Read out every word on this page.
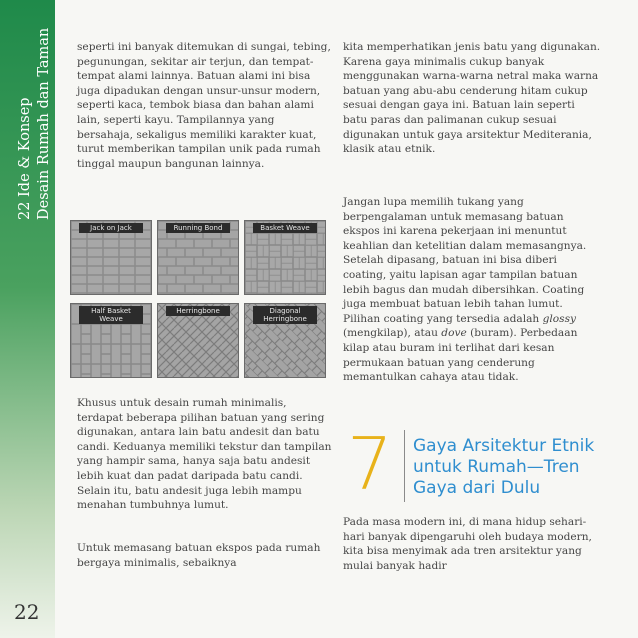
22 Ide & Konsep Desain Rumah dan Taman
22

seperti ini banyak ditemukan di sungai, tebing, pegunungan, sekitar air terjun, dan tempat-tempat alami lainnya. Batuan alami ini bisa juga dipadukan dengan unsur-unsur modern, seperti kaca, tembok biasa dan bahan alami lain, seperti kayu. Tampilannya yang bersahaja, sekaligus memiliki karakter kuat, turut memberikan tampilan unik pada rumah tinggal maupun bangunan lainnya.

Jack on Jack	Running Bond	Basket Weave
Half Basket Weave
Herringbone	Diagonal Herringbone

Khusus untuk desain rumah minimalis, terdapat beberapa pilihan batuan yang sering digunakan, antara lain batu andesit dan batu candi. Keduanya memiliki tekstur dan tampilan yang hampir sama, hanya saja batu andesit lebih kuat dan padat daripada batu candi. Selain itu, batu andesit juga lebih mampu menahan tumbuhnya lumut.

Untuk memasang batuan ekspos pada rumah bergaya minimalis, sebaiknya

kita memperhatikan jenis batu yang digunakan. Karena gaya minimalis cukup banyak menggunakan warna-warna netral maka warna batuan yang abu-abu cenderung hitam cukup sesuai dengan gaya ini. Batuan lain seperti batu paras dan palimanan cukup sesuai digunakan untuk gaya arsitektur Mediterania, klasik atau etnik.

Jangan lupa memilih tukang yang berpengalaman untuk memasang batuan ekspos ini karena pekerjaan ini menuntut keahlian dan ketelitian dalam memasangnya. Setelah dipasang, batuan ini bisa diberi coating, yaitu lapisan agar tampilan batuan lebih bagus dan mudah dibersihkan. Coating juga membuat batuan lebih tahan lumut. Pilihan coating yang tersedia adalah glossy (mengkilap), atau dove (buram). Perbedaan kilap atau buram ini terlihat dari kesan permukaan batuan yang cenderung memantulkan cahaya atau tidak.

7 Gaya Arsitektur Etnik
untuk Rumah—Tren
Gaya dari Dulu

Pada masa modern ini, di mana hidup sehari-hari banyak dipengaruhi oleh budaya modern, kita bisa menyimak ada tren arsitektur yang mulai banyak hadir
